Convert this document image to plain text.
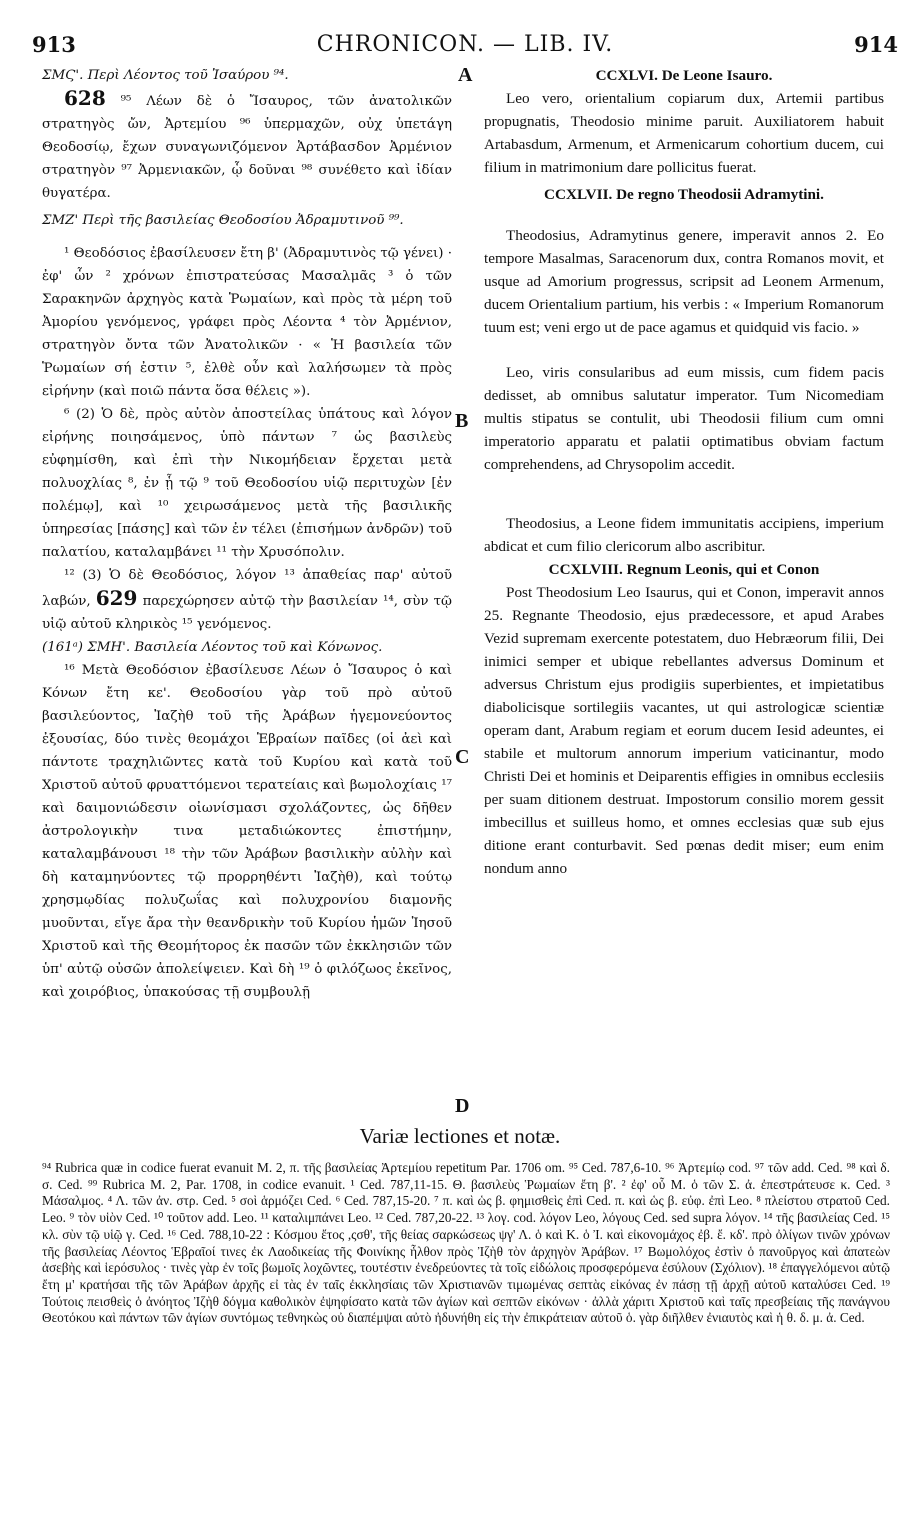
913	CHRONICON. — LIB. IV.	914
A
B
C
D

ΣΜϚ'. Περὶ Λέοντος τοῦ Ἰσαύρου ⁹⁴.

628 ⁹⁵ Λέων δὲ ὁ Ἴσαυρος, τῶν ἀνατολικῶν στρατηγὸς ὤν, Ἀρτεμίου ⁹⁶ ὑπερμαχῶν, οὐχ ὑπετάγη Θεοδοσίῳ, ἔχων συναγωνιζόμενον Ἀρτάβασδον Ἀρμένιον στρατηγὸν ⁹⁷ Ἀρμενιακῶν, ᾧ δοῦναι ⁹⁸ συνέθετο καὶ ἰδίαν θυγατέρα.

ΣΜΖ' Περὶ τῆς βασιλείας Θεοδοσίου Ἀδραμυτινοῦ ⁹⁹.

¹ Θεοδόσιος ἐβασίλευσεν ἔτη β' (Ἀδραμυτινὸς τῷ γένει) · ἐφ' ὧν ² χρόνων ἐπιστρατεύσας Μασαλμᾶς ³ ὁ τῶν Σαρακηνῶν ἀρχηγὸς κατὰ Ῥωμαίων, καὶ πρὸς τὰ μέρη τοῦ Ἀμορίου γενόμενος, γράφει πρὸς Λέοντα ⁴ τὸν Ἀρμένιον, στρατηγὸν ὄντα τῶν Ἀνατολικῶν · « Ἡ βασιλεία τῶν Ῥωμαίων σή ἐστιν ⁵, ἐλθὲ οὖν καὶ λαλήσωμεν τὰ πρὸς εἰρήνην (καὶ ποιῶ πάντα ὅσα θέλεις »).

⁶ (2) Ὁ δὲ, πρὸς αὐτὸν ἀποστείλας ὑπάτους καὶ λόγον εἰρήνης ποιησάμενος, ὑπὸ πάντων ⁷ ὡς βασιλεὺς εὐφημίσθη, καὶ ἐπὶ τὴν Νικομήδειαν ἔρχεται μετὰ πολυοχλίας ⁸, ἐν ᾗ τῷ ⁹ τοῦ Θεοδοσίου υἱῷ περιτυχὼν [ἐν πολέμῳ], καὶ ¹⁰ χειρωσάμενος μετὰ τῆς βασιλικῆς ὑπηρεσίας [πάσης] καὶ τῶν ἐν τέλει (ἐπισήμων ἀνδρῶν) τοῦ παλατίου, καταλαμβάνει ¹¹ τὴν Χρυσόπολιν.

¹² (3) Ὁ δὲ Θεοδόσιος, λόγον ¹³ ἀπαθείας παρ' αὐτοῦ λαβών, 629 παρεχώρησεν αὐτῷ τὴν βασιλείαν ¹⁴, σὺν τῷ υἱῷ αὐτοῦ κληρικὸς ¹⁵ γενόμενος.

(161ᵃ) ΣΜΗ'. Βασιλεία Λέοντος τοῦ καὶ Κόνωνος.

¹⁶ Μετὰ Θεοδόσιον ἐβασίλευσε Λέων ὁ Ἴσαυρος ὁ καὶ Κόνων ἔτη κε'. Θεοδοσίου γὰρ τοῦ πρὸ αὐτοῦ βασιλεύοντος, Ἰαζὴθ τοῦ τῆς Ἀράβων ἡγεμονεύοντος ἐξουσίας, δύο τινὲς θεομάχοι Ἑβραίων παῖδες (οἱ ἀεὶ καὶ πάντοτε τραχηλιῶντες κατὰ τοῦ Κυρίου καὶ κατὰ τοῦ Χριστοῦ αὐτοῦ φρυαττόμενοι τερατείαις καὶ βωμολοχίαις ¹⁷ καὶ δαιμονιώδεσιν οἰωνίσμασι σχολάζοντες, ὡς δῆθεν ἀστρολογικὴν τινα μεταδιώκοντες ἐπιστήμην, καταλαμβάνουσι ¹⁸ τὴν τῶν Ἀράβων βασιλικὴν αὐλὴν καὶ δὴ καταμηνύοντες τῷ προρρηθέντι Ἰαζὴθ), καὶ τούτῳ χρησμῳδίας πολυζωΐας καὶ πολυχρονίου διαμονῆς μυοῦνται, εἴγε ἄρα τὴν θεανδρικὴν τοῦ Κυρίου ἡμῶν Ἰησοῦ Χριστοῦ καὶ τῆς Θεομήτορος ἐκ πασῶν τῶν ἐκκλησιῶν τῶν ὑπ' αὐτῷ οὐσῶν ἀπολείψειεν. Καὶ δὴ ¹⁹ ὁ φιλόζωος ἐκεῖνος, καὶ χοιρόβιος, ὑπακούσας τῇ συμβουλῇ

CCXLVI. De Leone Isauro.

Leo vero, orientalium copiarum dux, Artemii partibus propugnatis, Theodosio minime paruit. Auxiliatorem habuit Artabasdum, Armenum, et Armenicarum cohortium ducem, cui filium in matrimonium dare pollicitus fuerat.

CCXLVII. De regno Theodosii Adramytini.

Theodosius, Adramytinus genere, imperavit annos 2. Eo tempore Masalmas, Saracenorum dux, contra Romanos movit, et usque ad Amorium progressus, scripsit ad Leonem Armenum, ducem Orientalium partium, his verbis : « Imperium Romanorum tuum est; veni ergo ut de pace agamus et quidquid vis facio. »

Leo, viris consularibus ad eum missis, cum fidem pacis dedisset, ab omnibus salutatur imperator. Tum Nicomediam multis stipatus se contulit, ubi Theodosii filium cum omni imperatorio apparatu et palatii optimatibus obviam factum comprehendens, ad Chrysopolim accedit.

Theodosius, a Leone fidem immunitatis accipiens, imperium abdicat et cum filio clericorum albo ascribitur.

CCXLVIII. Regnum Leonis, qui et Conon

Post Theodosium Leo Isaurus, qui et Conon, imperavit annos 25. Regnante Theodosio, ejus prædecessore, et apud Arabes Vezid supremam exercente potestatem, duo Hebræorum filii, Dei inimici semper et ubique rebellantes adversus Dominum et adversus Christum ejus prodigiis superbientes, et impietatibus diabolicisque sortilegiis vacantes, ut qui astrologicæ scientiæ operam dant, Arabum regiam et eorum ducem Iesid adeuntes, ei stabile et multorum annorum imperium vaticinantur, modo Christi Dei et hominis et Deiparentis effigies in omnibus ecclesiis per suam ditionem destruat. Impostorum consilio morem gessit imbecillus et suilleus homo, et omnes ecclesias quæ sub ejus ditione erant conturbavit. Sed pœnas dedit miser; eum enim nondum anno

Variæ lectiones et notæ.

⁹⁴ Rubrica quæ in codice fuerat evanuit M. 2, π. τῆς βασιλείας Ἀρτεμίου repetitum Par. 1706 om. ⁹⁵ Ced. 787,6-10. ⁹⁶ Ἀρτεμίῳ cod. ⁹⁷ τῶν add. Ced. ⁹⁸ καὶ δ. σ. Ced. ⁹⁹ Rubrica M. 2, Par. 1708, in codice evanuit. ¹ Ced. 787,11-15. Θ. βασιλεὺς Ῥωμαίων ἔτη β'. ² ἐφ' οὗ Μ. ὁ τῶν Σ. ἀ. ἐπεστράτευσε κ. Ced. ³ Μάσαλμος. ⁴ Λ. τῶν ἀν. στρ. Ced. ⁵ σοὶ ἁρμόζει Ced. ⁶ Ced. 787,15-20. ⁷ π. καὶ ὡς β. φημισθεὶς ἐπὶ Ced. π. καὶ ὡς β. εὐφ. ἐπὶ Leo. ⁸ πλείστου στρατοῦ Ced. Leo. ⁹ τὸν υἱὸν Ced. ¹⁰ τοῦτον add. Leo. ¹¹ καταλιμπάνει Leo. ¹² Ced. 787,20-22. ¹³ λογ. cod. λόγον Leo, λόγους Ced. sed supra λόγον. ¹⁴ τῆς βασιλείας Ced. ¹⁵ κλ. σὺν τῷ υἱῷ γ. Ced. ¹⁶ Ced. 788,10-22 : Κόσμου ἔτος ,ςσθ', τῆς θείας σαρκώσεως ψγ' Λ. ὁ καὶ Κ. ὁ Ἰ. καὶ εἰκονομάχος ἐβ. ἔ. κδ'. πρὸ ὀλίγων τινῶν χρόνων τῆς βασιλείας Λέοντος Ἑβραῖοί τινες ἐκ Λαοδικείας τῆς Φοινίκης ἦλθον πρὸς Ἰζὴθ τὸν ἀρχηγὸν Ἀράβων. ¹⁷ Βωμολόχος ἐστὶν ὁ πανοῦργος καὶ ἀπατεὼν ἀσεβὴς καὶ ἱερόσυλος · τινὲς γὰρ ἐν τοῖς βωμοῖς λοχῶντες, τουτέστιν ἐνεδρεύοντες τὰ τοῖς εἰδώλοις προσφερόμενα ἐσύλουν (Σχόλιον). ¹⁸ ἐπαγγελόμενοι αὐτῷ ἔτη μ' κρατήσαι τῆς τῶν Ἀράβων ἀρχῆς εἰ τὰς ἐν ταῖς ἐκκλησίαις τῶν Χριστιανῶν τιμωμένας σεπτὰς εἰκόνας ἐν πάσῃ τῇ ἀρχῇ αὐτοῦ καταλύσει Ced. ¹⁹ Τούτοις πεισθεὶς ὁ ἀνόητος Ἰζὴθ δόγμα καθολικὸν ἐψηφίσατο κατὰ τῶν ἁγίων καὶ σεπτῶν εἰκόνων · ἀλλὰ χάριτι Χριστοῦ καὶ ταῖς πρεσβείαις τῆς πανάγνου Θεοτόκου καὶ πάντων τῶν ἁγίων συντόμως τεθνηκὼς οὐ διαπέμψαι αὐτὸ ἠδυνήθη εἰς τὴν ἐπικράτειαν αὐτοῦ ὁ. γὰρ διῆλθεν ἐνιαυτὸς καὶ ἡ θ. δ. μ. ἀ. Ced.
